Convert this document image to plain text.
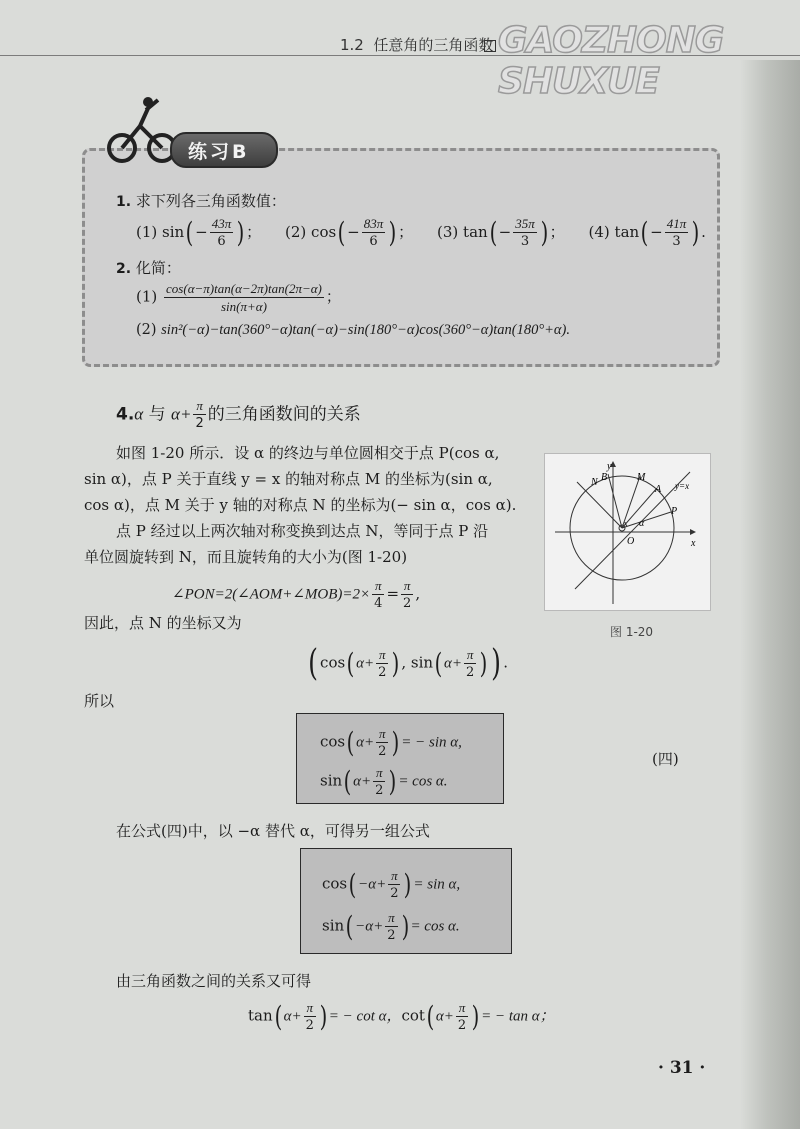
1.2 任意角的三角函数 GAOZHONG SHUXUE
练习B
1. 求下列各三角函数值：
(1) $\sin( - \frac{43\pi}{6}$ ) ； (2) $\cos( - \frac{83\pi}{6}$ ) ； (3) $\tan( - \frac{35\pi}{3}$ ) ； (4) $\tan( - \frac{41\pi}{3}$ ) .
2. 化简：
$(1) \frac{\cos(\alpha-\pi)\tan(\alpha-2\pi)\tan(2\pi-\alpha)}{\sin(\pi+\alpha)}$ ；
(2) sin²(−α)−tan(360°−α)tan(−α)−sin(180°−α)cos(360°−α)tan(180°+α).
4.α 与 $\alpha+ \frac{\pi}{2}$ 的三角函数间的关系
如图 1-20 所示．设 α 的终边与单位圆相交于点 P(cos α,
sin α)，点 P 关于直线 y = x 的轴对称点 M 的坐标为(sin α,
cos α)，点 M 关于 y 轴的对称点 N 的坐标为(− sin α，cos α).
点 P 经过以上两次轴对称变换到达点 N，等同于点 P 沿
单位圆旋转到 N，而且旋转角的大小为(图 1-20)
∠PON=2(∠AOM+∠MOB)=2× $\frac{\pi}{4} = \frac{\pi}{2}$ ,
y
x
O
N B	M
A
P
y=x
α
图 1-20
因此，点 N 的坐标又为
( cos( $\alpha+ \frac{\pi}{2}$ ) , sin( $\alpha+ \frac{\pi}{2}$ ) ) .
所以
cos( $\alpha+ \frac{\pi}{2}$ ) = − sin α,
sin( $\alpha+ \frac{\pi}{2}$ ) = cos α.
(四)
在公式(四)中，以 −α 替代 α，可得另一组公式
$\cos( -\alpha+ \frac{\pi}{2}$ ) = sin α,
$\sin( -\alpha+ \frac{\pi}{2}$ ) = cos α.
由三角函数之间的关系又可得
tan( $\alpha+ \frac{\pi}{2}$ ) = − cot α，cot( $\alpha+ \frac{\pi}{2}$ ) = − tan α；
· 31 ·
